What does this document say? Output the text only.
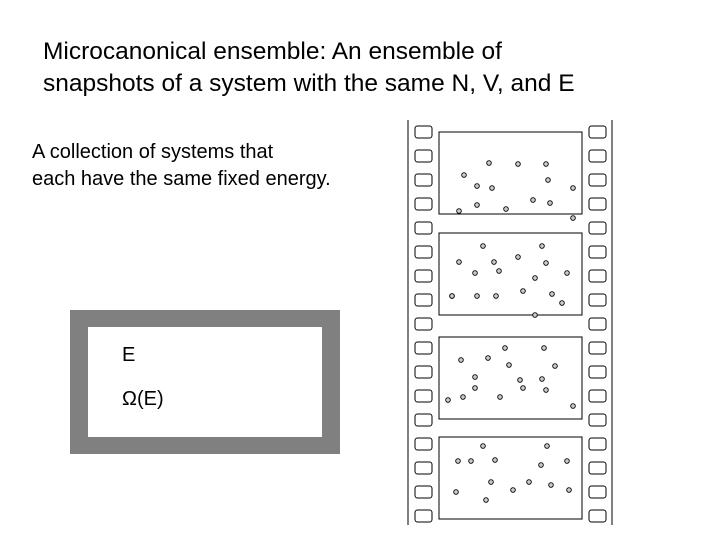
Microcanonical ensemble: An ensemble of
snapshots of a system with the same N, V, and E
A collection of systems that
each have the same fixed energy.
E
Ω(E)
